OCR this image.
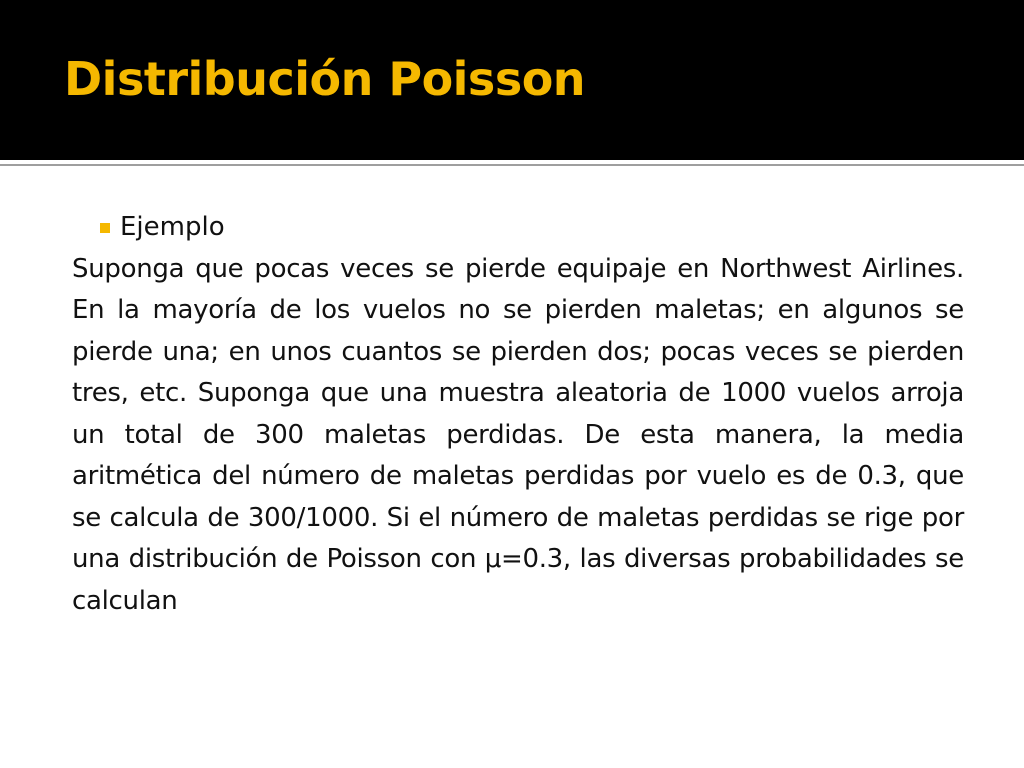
Distribución Poisson
Ejemplo

Suponga que pocas veces se pierde equipaje en Northwest Airlines. En la mayoría de los vuelos no se pierden maletas; en algunos se pierde una; en unos cuantos se pierden dos; pocas veces se pierden tres, etc. Suponga que una muestra aleatoria de 1000 vuelos arroja un total de 300 maletas perdidas. De esta manera, la media aritmética del número de maletas perdidas por vuelo es de 0.3, que se calcula de 300/1000. Si el número de maletas perdidas se rige por una distribución de Poisson con μ=0.3, las diversas probabilidades se calculan
